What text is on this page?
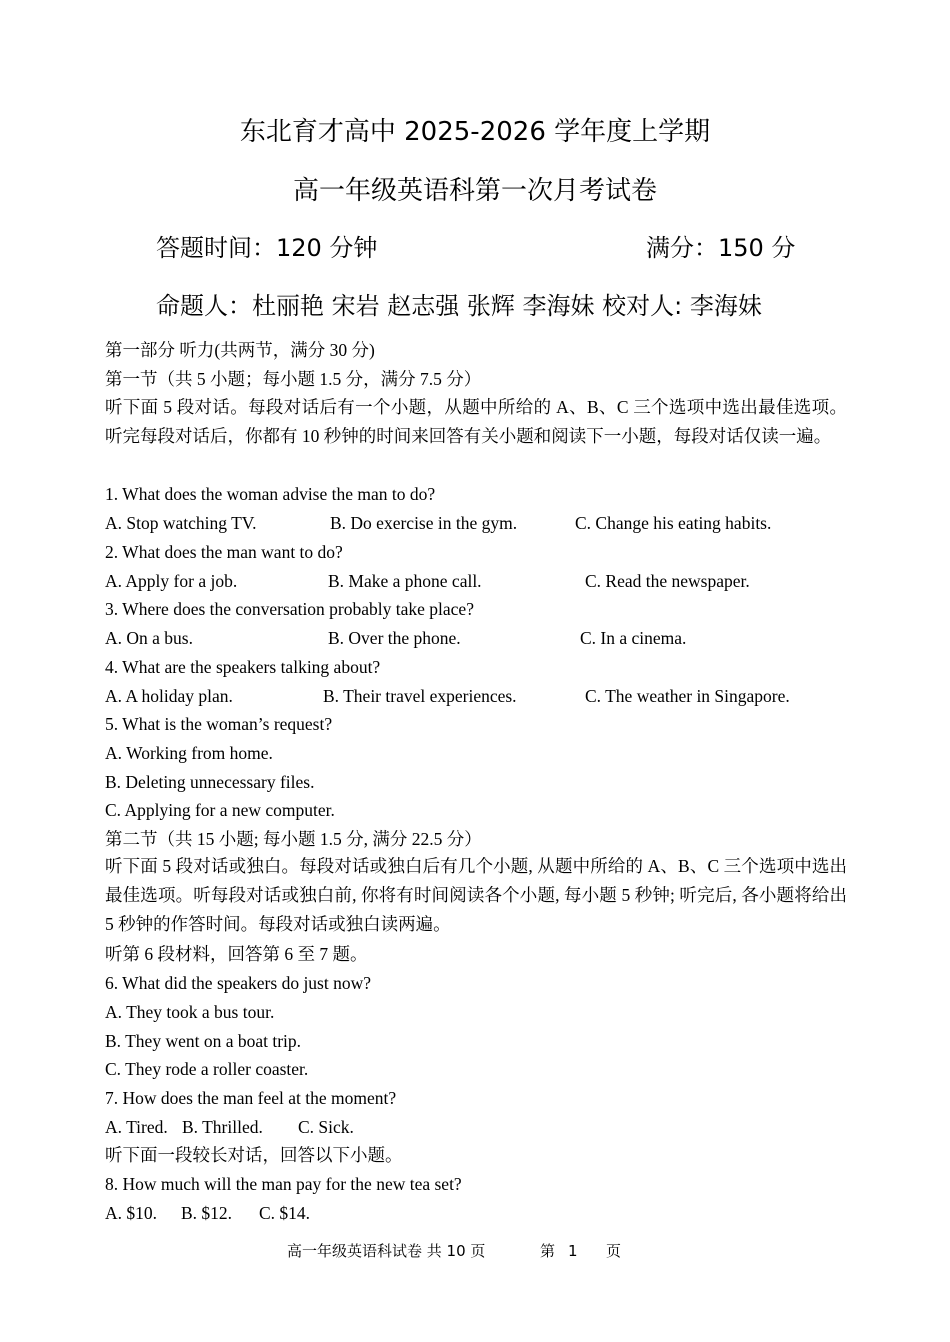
东北育才高中 2025-2026 学年度上学期
高一年级英语科第一次月考试卷
答题时间：120 分钟	满分：150 分
命题人：杜丽艳 宋岩 赵志强 张辉 李海妹 校对人: 李海妹
第一部分 听力(共两节，满分 30 分)
第一节（共 5 小题；每小题 1.5 分，满分 7.5 分）
听下面 5 段对话。每段对话后有一个小题，从题中所给的 A、B、C 三个选项中选出最佳选项。听完每段对话后，你都有 10 秒钟的时间来回答有关小题和阅读下一小题，每段对话仅读一遍。
1. What does the woman advise the man to do?
A. Stop watching TV.	B. Do exercise in the gym.	C. Change his eating habits.
2. What does the man want to do?
A. Apply for a job.	B. Make a phone call.	C. Read the newspaper.
3. Where does the conversation probably take place?
A. On a bus.	B. Over the phone.	C. In a cinema.
4. What are the speakers talking about?
A. A holiday plan.	B. Their travel experiences.	C. The weather in Singapore.
5. What is the woman’s request?
A. Working from home.
B. Deleting unnecessary files.
C. Applying for a new computer.
第二节（共 15 小题; 每小题 1.5 分, 满分 22.5 分）
听下面 5 段对话或独白。每段对话或独白后有几个小题, 从题中所给的 A、B、C 三个选项中选出最佳选项。听每段对话或独白前, 你将有时间阅读各个小题, 每小题 5 秒钟; 听完后, 各小题将给出 5 秒钟的作答时间。每段对话或独白读两遍。
听第 6 段材料，回答第 6 至 7 题。
6. What did the speakers do just now?
A. They took a bus tour.
B. They went on a boat trip.
C. They rode a roller coaster.
7. How does the man feel at the moment?
A. Tired. B. Thrilled. C. Sick.
听下面一段较长对话，回答以下小题。
8. How much will the man pay for the new tea set?
A. $10. B. $12. C. $14.
高一年级英语科试卷 共 10 页	第 1 页
